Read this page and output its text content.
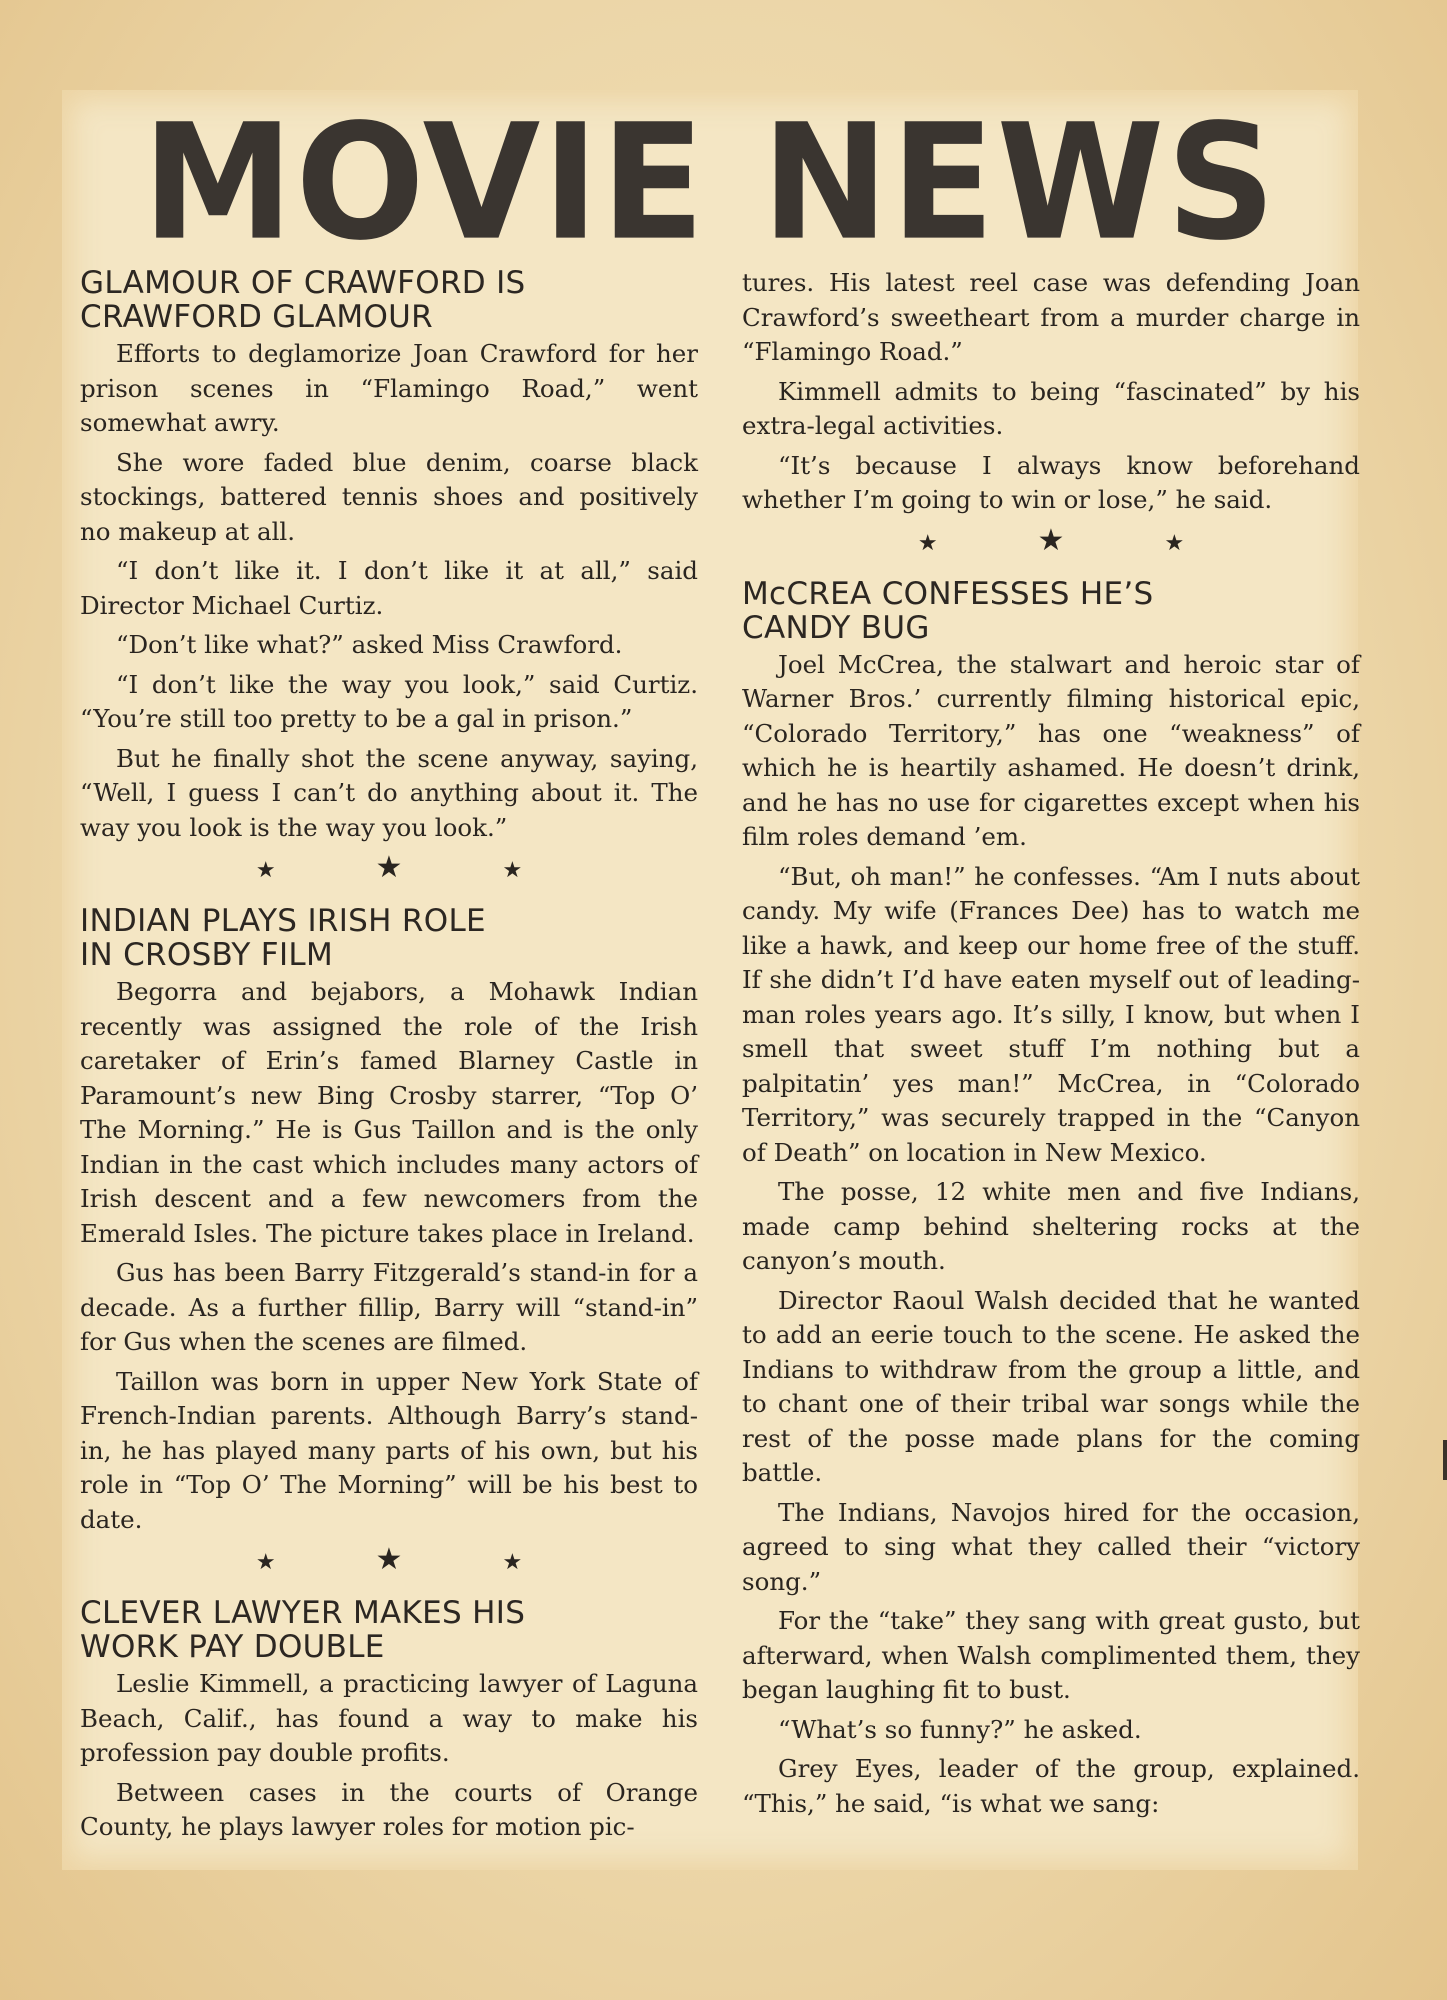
MOVIE NEWS
GLAMOUR OF CRAWFORD IS
CRAWFORD GLAMOUR

Efforts to deglamorize Joan Crawford for her prison scenes in “Flamingo Road,” went somewhat awry.

She wore faded blue denim, coarse black stockings, battered tennis shoes and positively no makeup at all.

“I don’t like it. I don’t like it at all,” said Director Michael Curtiz.

“Don’t like what?” asked Miss Crawford.

“I don’t like the way you look,” said Curtiz. “You’re still too pretty to be a gal in prison.”

But he finally shot the scene anyway, saying, “Well, I guess I can’t do anything about it. The way you look is the way you look.”

★	★	★
INDIAN PLAYS IRISH ROLE
IN CROSBY FILM

Begorra and bejabors, a Mohawk Indian recently was assigned the role of the Irish caretaker of Erin’s famed Blarney Castle in Paramount’s new Bing Crosby starrer, “Top O’ The Morning.” He is Gus Taillon and is the only Indian in the cast which includes many actors of Irish descent and a few newcomers from the Emerald Isles. The picture takes place in Ireland.

Gus has been Barry Fitzgerald’s stand-in for a decade. As a further fillip, Barry will “stand-in” for Gus when the scenes are filmed.

Taillon was born in upper New York State of French-Indian parents. Although Barry’s stand-in, he has played many parts of his own, but his role in “Top O’ The Morning” will be his best to date.

★	★	★
CLEVER LAWYER MAKES HIS
WORK PAY DOUBLE

Leslie Kimmell, a practicing lawyer of Laguna Beach, Calif., has found a way to make his profession pay double profits.

Between cases in the courts of Orange County, he plays lawyer roles for motion pic-

tures. His latest reel case was defending Joan Crawford’s sweetheart from a murder charge in “Flamingo Road.”

Kimmell admits to being “fascinated” by his extra-legal activities.

“It’s because I always know beforehand whether I’m going to win or lose,” he said.

★	★	★
McCREA CONFESSES HE’S
CANDY BUG

Joel McCrea, the stalwart and heroic star of Warner Bros.’ currently filming historical epic, “Colorado Territory,” has one “weakness” of which he is heartily ashamed. He doesn’t drink, and he has no use for cigarettes except when his film roles demand ’em.

“But, oh man!” he confesses. “Am I nuts about candy. My wife (Frances Dee) has to watch me like a hawk, and keep our home free of the stuff. If she didn’t I’d have eaten myself out of leading-man roles years ago. It’s silly, I know, but when I smell that sweet stuff I’m nothing but a palpitatin’ yes man!” McCrea, in “Colorado Territory,” was securely trapped in the “Canyon of Death” on location in New Mexico.

The posse, 12 white men and five Indians, made camp behind sheltering rocks at the canyon’s mouth.

Director Raoul Walsh decided that he wanted to add an eerie touch to the scene. He asked the Indians to withdraw from the group a little, and to chant one of their tribal war songs while the rest of the posse made plans for the coming battle.

The Indians, Navojos hired for the occasion, agreed to sing what they called their “victory song.”

For the “take” they sang with great gusto, but afterward, when Walsh complimented them, they began laughing fit to bust.

“What’s so funny?” he asked.

Grey Eyes, leader of the group, explained. “This,” he said, “is what we sang:
